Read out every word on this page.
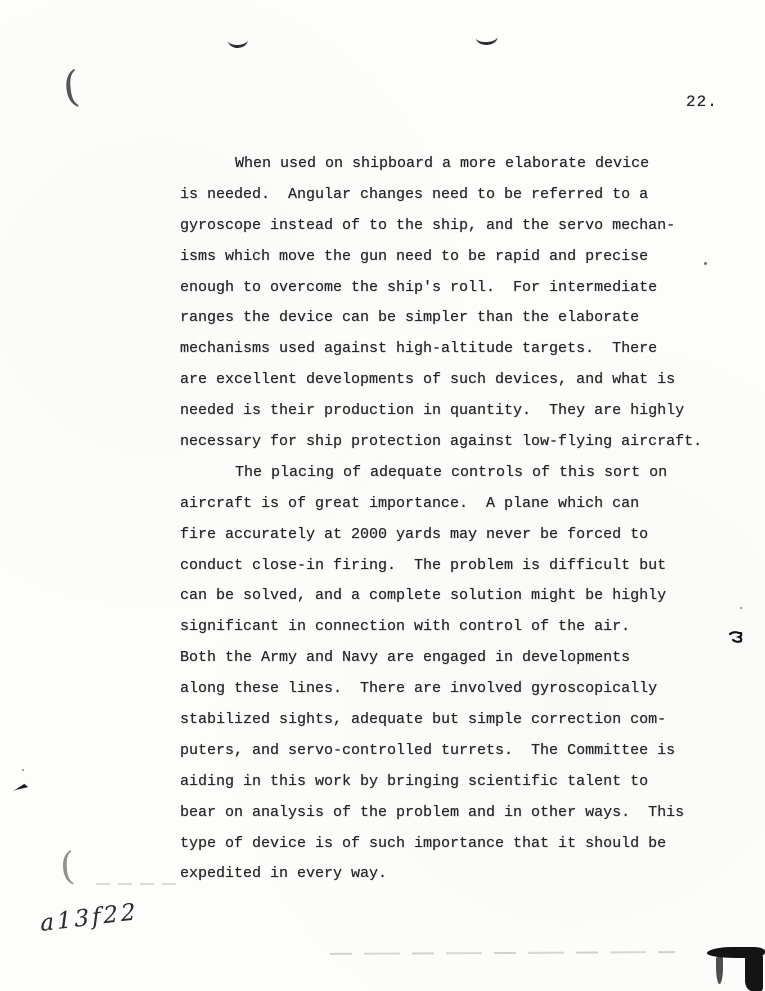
22.
When used on shipboard a more elaborate device
is needed.  Angular changes need to be referred to a
gyroscope instead of to the ship, and the servo mechan-
isms which move the gun need to be rapid and precise
enough to overcome the ship's roll.  For intermediate
ranges the device can be simpler than the elaborate
mechanisms used against high-altitude targets.  There
are excellent developments of such devices, and what is
needed is their production in quantity.  They are highly
necessary for ship protection against low-flying aircraft.
The placing of adequate controls of this sort on
aircraft is of great importance.  A plane which can
fire accurately at 2000 yards may never be forced to
conduct close-in firing.  The problem is difficult but
can be solved, and a complete solution might be highly
significant in connection with control of the air.
Both the Army and Navy are engaged in developments
along these lines.  There are involved gyroscopically
stabilized sights, adequate but simple correction com-
puters, and servo-controlled turrets.  The Committee is
aiding in this work by bringing scientific talent to
bear on analysis of the problem and in other ways.  This
type of device is of such importance that it should be
expedited in every way.
(
(
a13f22
